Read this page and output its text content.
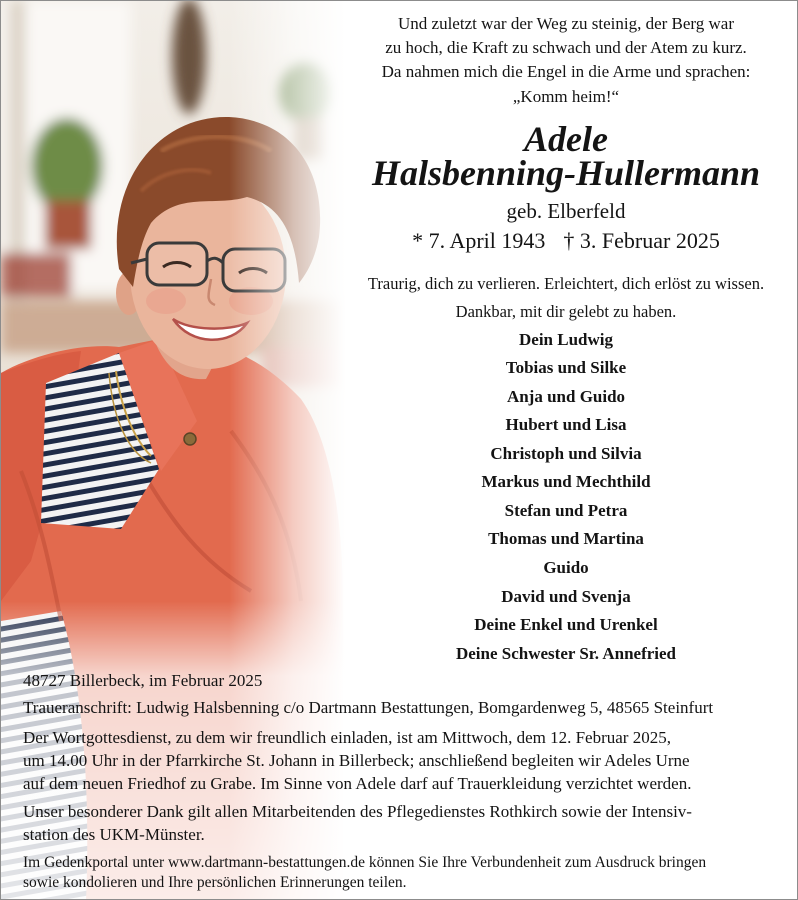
Und zuletzt war der Weg zu steinig, der Berg war
zu hoch, die Kraft zu schwach und der Atem zu kurz.
Da nahmen mich die Engel in die Arme und sprachen:
„Komm heim!“
Adele
Halsbenning-Hullermann
geb. Elberfeld
* 7. April 1943 † 3. Februar 2025
Traurig, dich zu verlieren. Erleichtert, dich erlöst zu wissen.
Dankbar, mit dir gelebt zu haben.
Dein Ludwig
Tobias und Silke
Anja und Guido
Hubert und Lisa
Christoph und Silvia
Markus und Mechthild
Stefan und Petra
Thomas und Martina
Guido
David und Svenja
Deine Enkel und Urenkel
Deine Schwester Sr. Annefried
48727 Billerbeck, im Februar 2025
Traueranschrift: Ludwig Halsbenning c/o Dartmann Bestattungen, Bomgardenweg 5, 48565 Steinfurt
Der Wortgottesdienst, zu dem wir freundlich einladen, ist am Mittwoch, dem 12. Februar 2025,
um 14.00 Uhr in der Pfarrkirche St. Johann in Billerbeck; anschließend begleiten wir Adeles Urne
auf dem neuen Friedhof zu Grabe. Im Sinne von Adele darf auf Trauerkleidung verzichtet werden.
Unser besonderer Dank gilt allen Mitarbeitenden des Pflegedienstes Rothkirch sowie der Intensiv-
station des UKM-Münster.
Im Gedenkportal unter www.dartmann-bestattungen.de können Sie Ihre Verbundenheit zum Ausdruck bringen
sowie kondolieren und Ihre persönlichen Erinnerungen teilen.
